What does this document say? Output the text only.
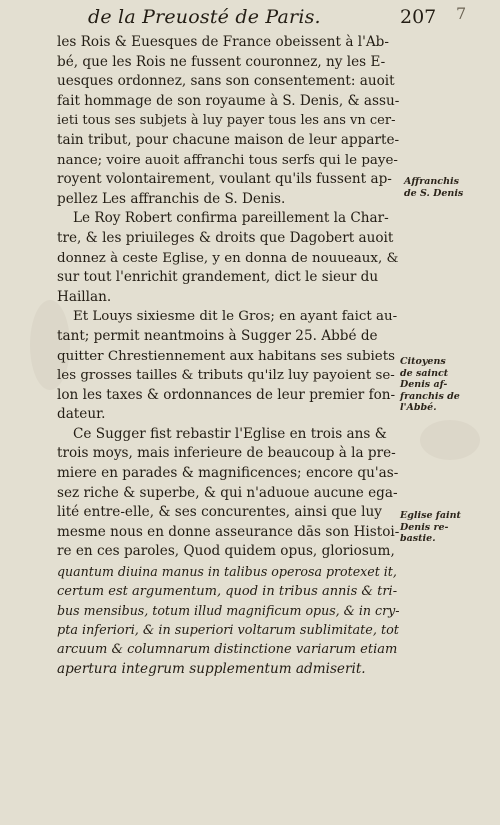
de la Preuosté de Paris.	207 7
les Rois & Euesques de France obeissent à l'Ab-
bé, que les Rois ne fussent couronnez, ny les E-
uesques ordonnez, sans son consentement: auoit
fait hommage de son royaume à S. Denis, & assu-
ieti tous ses subjets à luy payer tous les ans vn cer-
tain tribut, pour chacune maison de leur apparte-
nance; voire auoit affranchi tous serfs qui le paye-
royent volontairement, voulant qu'ils fussent ap-
pellez Les affranchis de S. Denis.
Le Roy Robert confirma pareillement la Char-
tre, & les priuileges & droits que Dagobert auoit
donnez à ceste Eglise, y en donna de nouueaux, &
sur tout l'enrichit grandement, dict le sieur du
Haillan.
Et Louys sixiesme dit le Gros; en ayant faict au-
tant; permit neantmoins à Sugger 25. Abbé de
quitter Chrestiennement aux habitans ses subiets
les grosses tailles & tributs qu'ilz luy payoient se-
lon les taxes & ordonnances de leur premier fon-
dateur.
Ce Sugger fist rebastir l'Eglise en trois ans &
trois moys, mais inferieure de beaucoup à la pre-
miere en parades & magnificences; encore qu'as-
sez riche & superbe, & qui n'aduoue aucune ega-
lité entre-elle, & ses concurentes, ainsi que luy
mesme nous en donne asseurance dās son Histoi-
re en ces paroles, Quod quidem opus, gloriosum,
quantum diuina manus in talibus operosa protexet it,
certum est argumentum, quod in tribus annis & tri-
bus mensibus, totum illud magnificum opus, & in cry-
pta inferiori, & in superiori voltarum sublimitate, tot
arcuum & columnarum distinctione variarum etiam
apertura integrum supplementum admiserit.
Affranchis
de S. Denis
Citoyens
de sainct
Denis af-
franchis de
l'Abbé.
Eglise faint
Denis re-
bastie.
